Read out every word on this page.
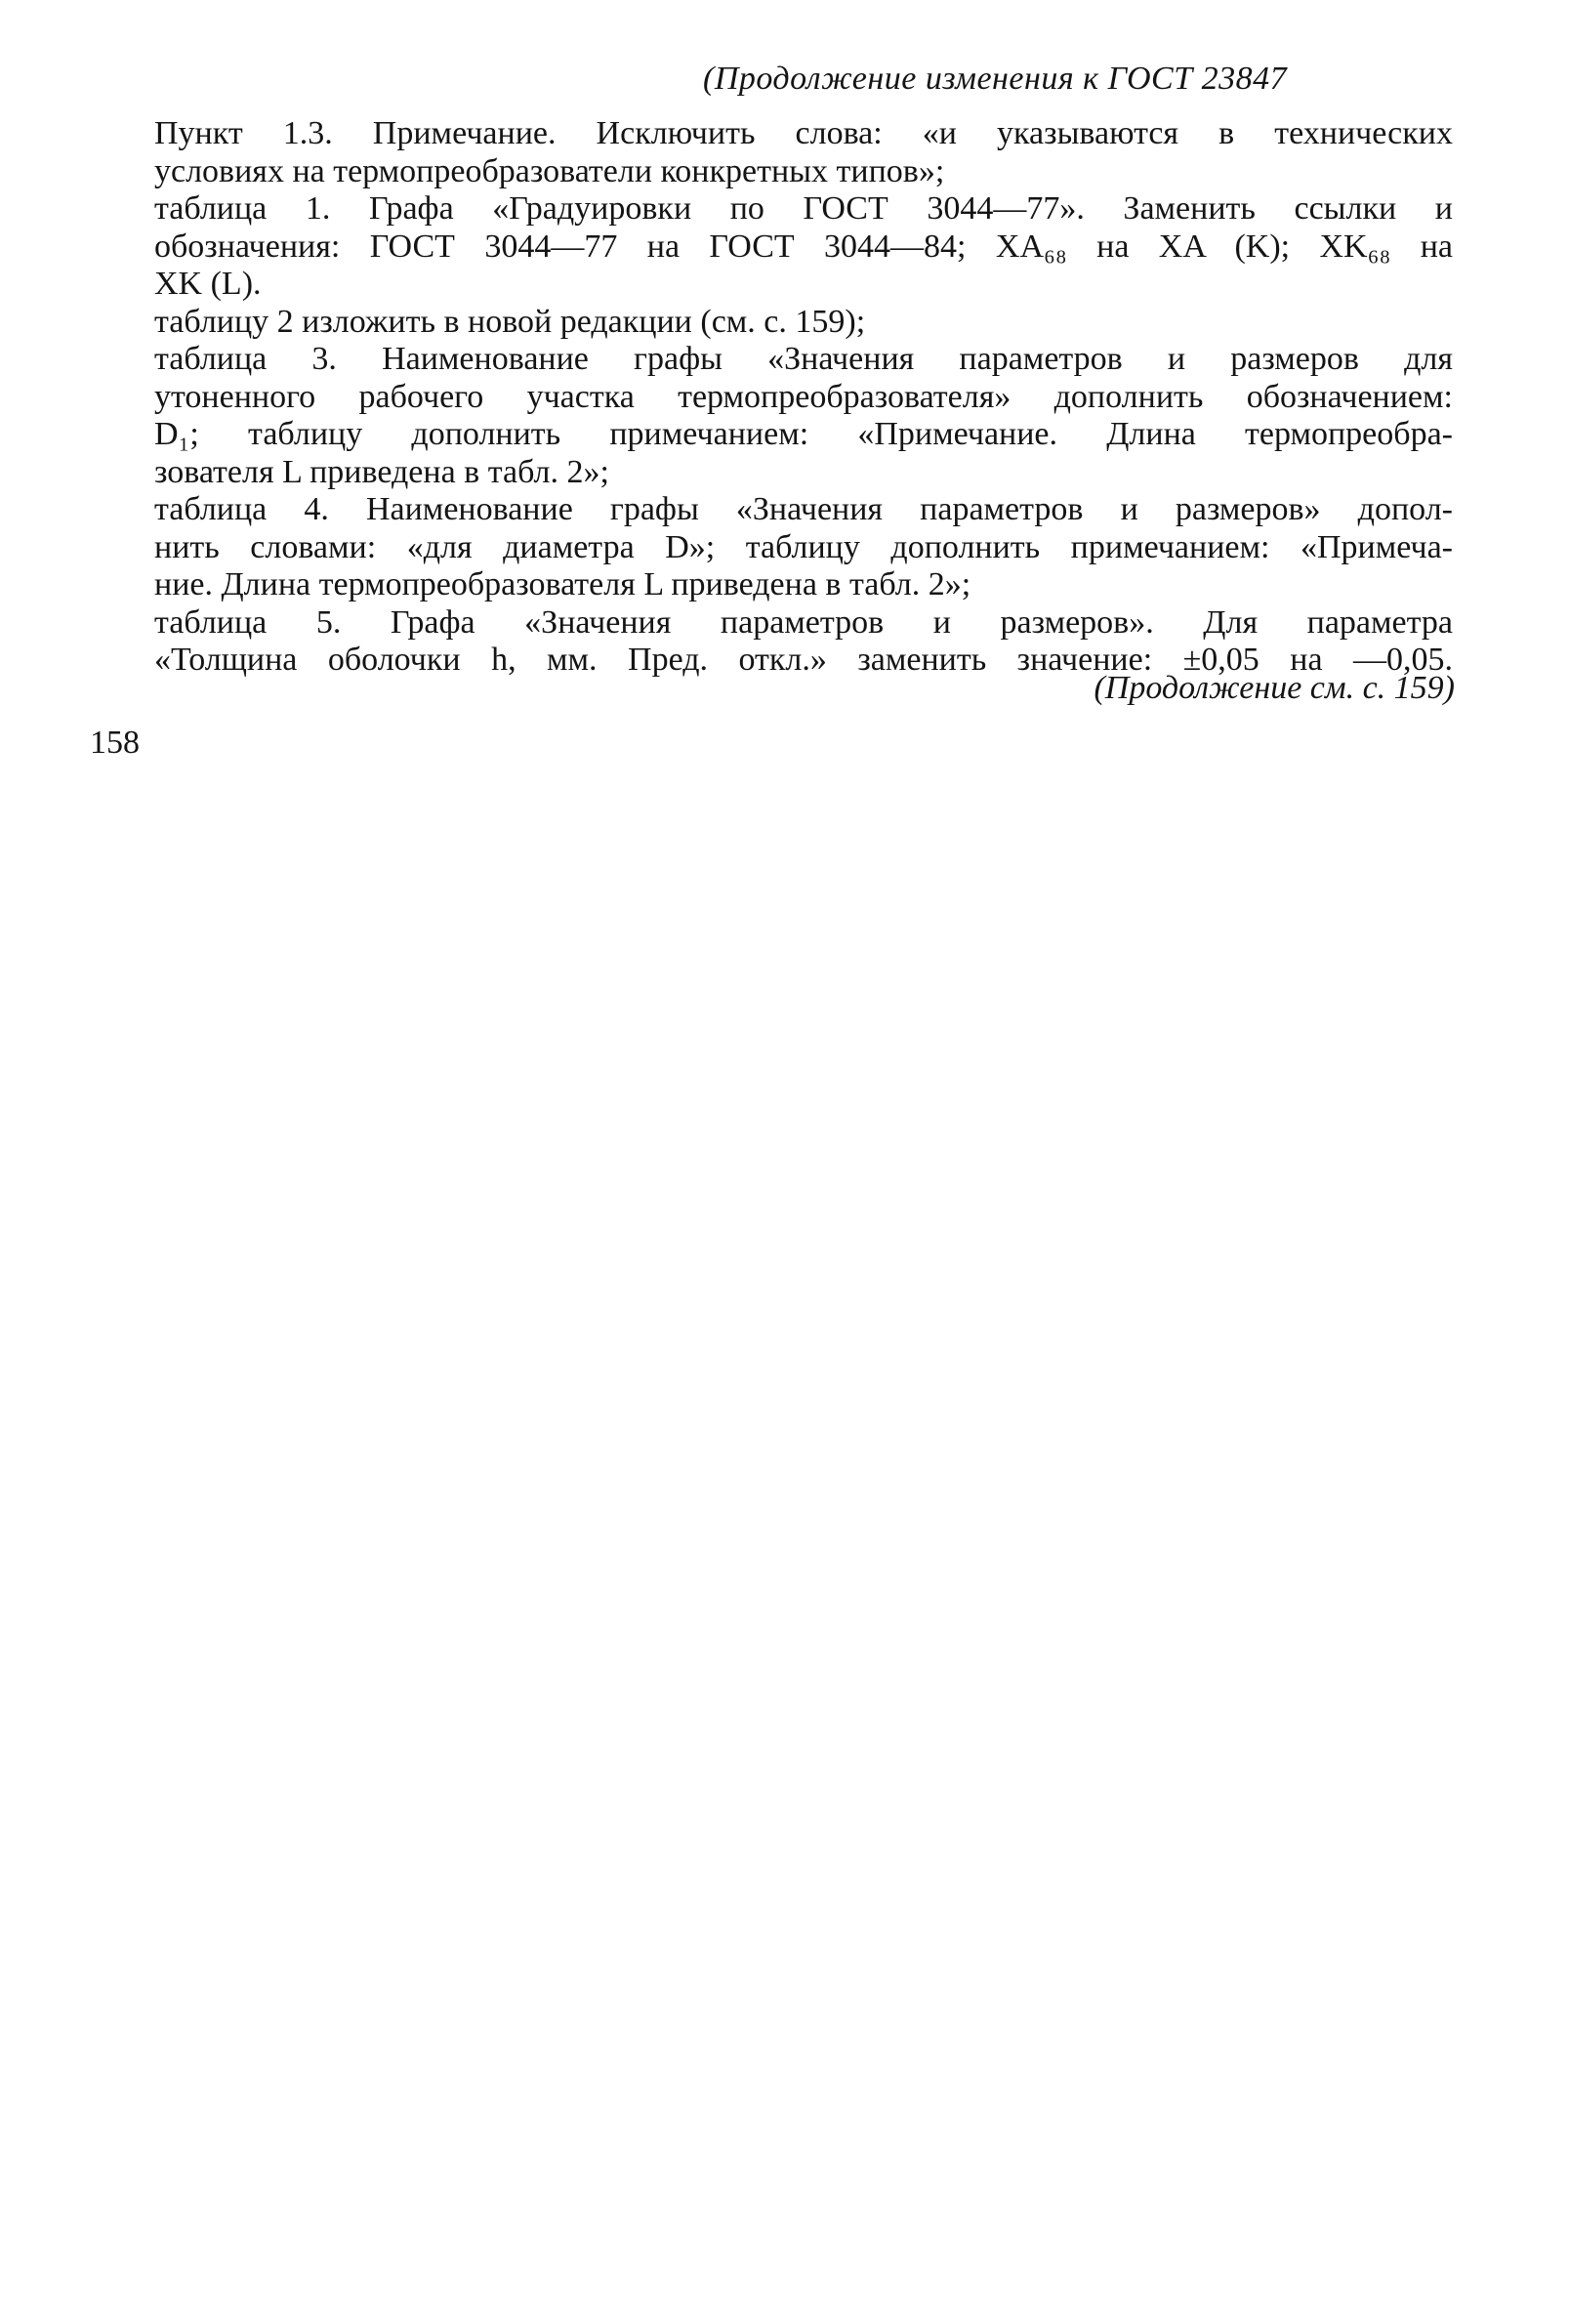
(Продолжение изменения к ГОСТ 23847
Пункт 1.3. Примечание. Исключить слова: «и указываются в технических
условиях на термопреобразователи конкретных типов»;
таблица 1. Графа «Градуировки по ГОСТ 3044—77». Заменить ссылки и
обозначения: ГОСТ 3044—77 на ГОСТ 3044—84; XA₆₈ на XA (K); XK₆₈ на
XK (L).
таблицу 2 изложить в новой редакции (см. с. 159);
таблица 3. Наименование графы «Значения параметров и размеров для
утоненного рабочего участка термопреобразователя» дополнить обозначением:
D₁; таблицу дополнить примечанием: «Примечание. Длина термопреобра-
зователя L приведена в табл. 2»;
таблица 4. Наименование графы «Значения параметров и размеров» допол-
нить словами: «для диаметра D»; таблицу дополнить примечанием: «Примеча-
ние. Длина термопреобразователя L приведена в табл. 2»;
таблица 5. Графа «Значения параметров и размеров». Для параметра
«Толщина оболочки h, мм. Пред. откл.» заменить значение: ±0,05 на —0,05.
(Продолжение см. с. 159)
158
